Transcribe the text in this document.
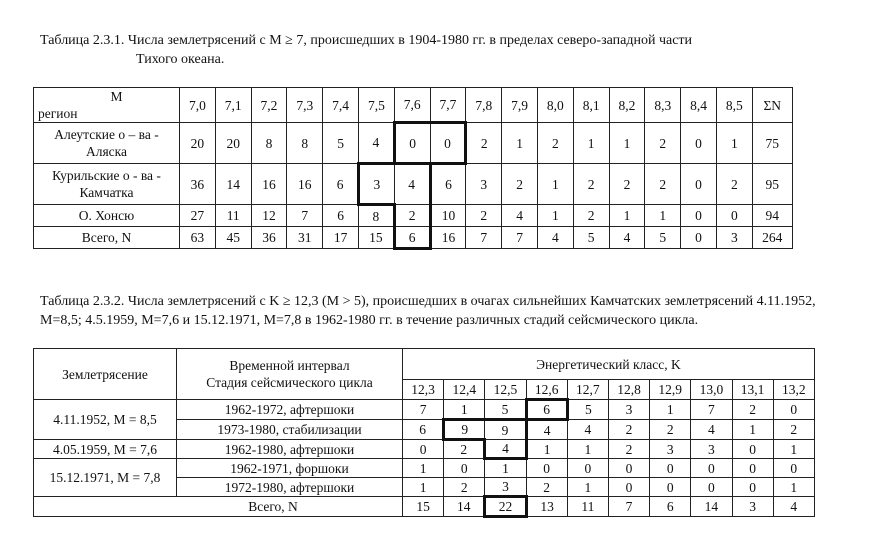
Таблица 2.3.1. Числа землетрясений с M ≥ 7, происшедших в 1904-1980 гг. в пределах северо-западной части
Тихого океана.
M
регион	7,0	7,1	7,2	7,3	7,4	7,5	7,6	7,7	7,8	7,9	8,0	8,1	8,2	8,3	8,4	8,5	ΣN

Алеутские о – ва -
Аляска	20	20	8	8	5	4	0	0	2	1	2	1	1	2	0	1	75

Курильские о - ва -
Камчатка	36	14	16	16	6	3	4	6	3	2	1	2	2	2	0	2	95

О. Хонсю	27	11	12	7	6	8	2	10	2	4	1	2	1	1	0	0	94

Всего, N	63	45	36	31	17	15	6	16	7	7	4	5	4	5	0	3	264
Таблица 2.3.2. Числа землетрясений с K ≥ 12,3 (M > 5), происшедших в очагах сильнейших Камчатских землетрясений 4.11.1952,
M=8,5; 4.5.1959, M=7,6 и 15.12.1971, M=7,8 в 1962-1980 гг. в течение различных стадий сейсмического цикла.
Землетрясение	Временной интервал
Стадия сейсмического цикла	Энергетический класс, K									
		12,3	12,4	12,5	12,6	12,7	12,8	12,9	13,0	13,1	13,2
4.11.1952, M = 8,5	1962-1972, афтершоки	7	1	5	6	5	3	1	7	2	0
	1973-1980, стабилизации	6	9	9	4	4	2	2	4	1	2
4.05.1959, M = 7,6	1962-1980, афтершоки	0	2	4	1	1	2	3	3	0	1
15.12.1971, M = 7,8	1962-1971, форшоки	1	0	1	0	0	0	0	0	0	0
	1972-1980, афтершоки	1	2	3	2	1	0	0	0	0	1
Всего, N		15	14	22	13	11	7	6	14	3	4
